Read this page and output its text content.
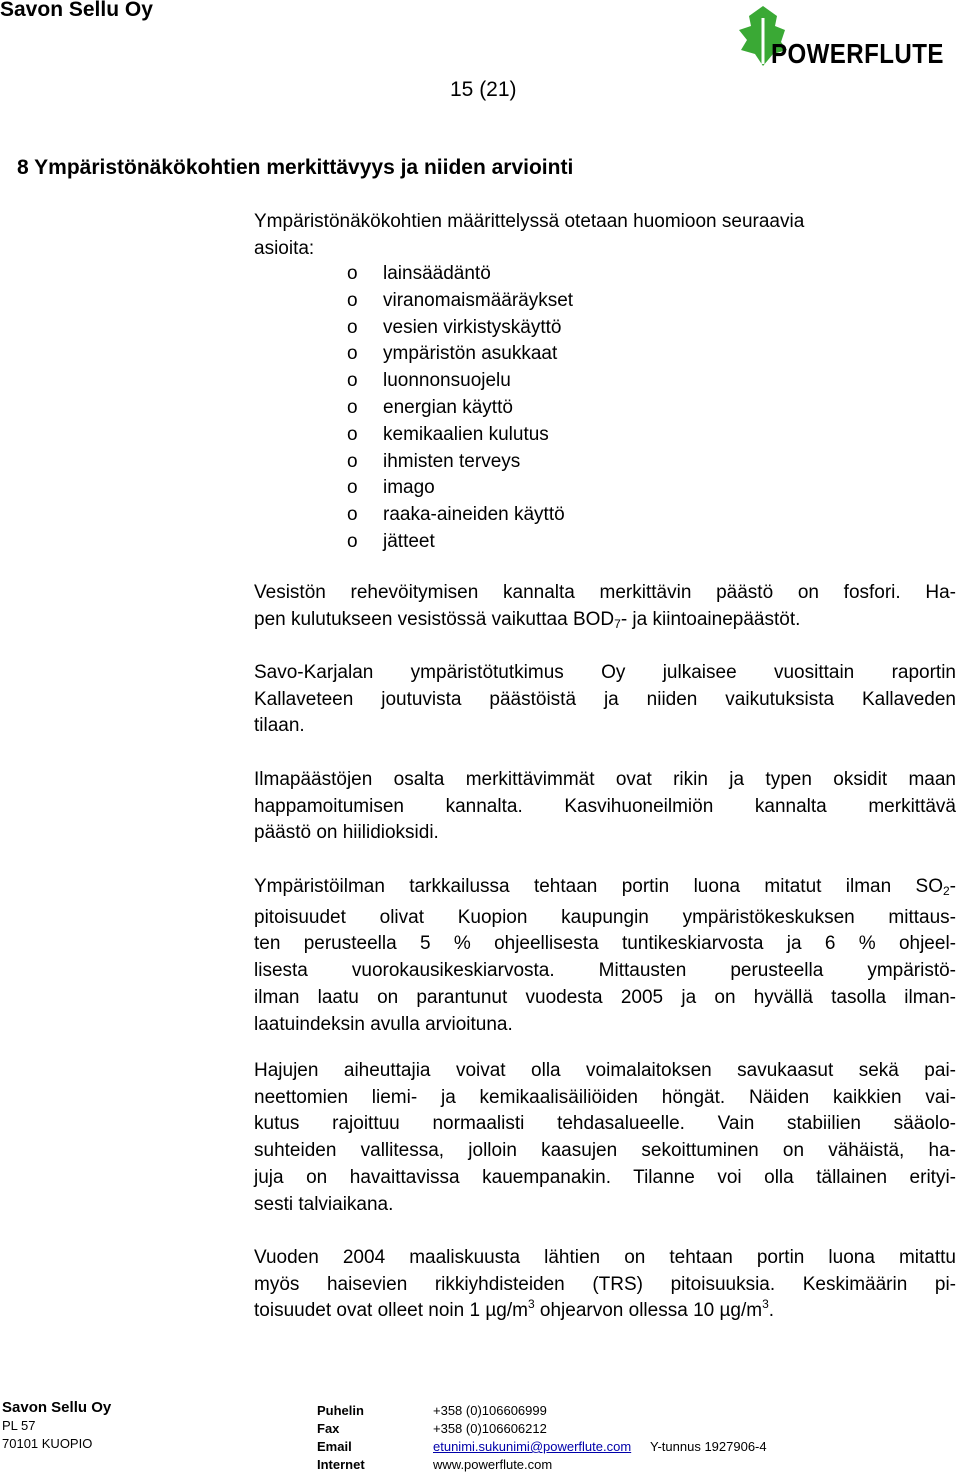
Savon Sellu Oy
POWERFLUTE
15 (21)
8 Ympäristönäkökohtien merkittävyys ja niiden arviointi
Ympäristönäkökohtien määrittelyssä otetaan huomioon seuraavia
asioita:
o lainsäädäntö
o viranomaismääräykset
o vesien virkistyskäyttö
o ympäristön asukkaat
o luonnonsuojelu
o energian käyttö
o kemikaalien kulutus
o ihmisten terveys
o imago
o raaka-aineiden käyttö
o jätteet
Vesistön rehevöitymisen kannalta merkittävin päästö on fosfori. Ha-
pen kulutukseen vesistössä vaikuttaa $BOD_7-$ ja kiintoainepäästöt.
Savo-Karjalan ympäristötutkimus Oy julkaisee vuosittain raportin
Kallaveteen joutuvista päästöistä ja niiden vaikutuksista Kallaveden
tilaan.
Ilmapäästöjen osalta merkittävimmät ovat rikin ja typen oksidit maan
happamoitumisen kannalta. Kasvihuoneilmiön kannalta merkittävä
päästö on hiilidioksidi.
Ympäristöilman tarkkailussa tehtaan portin luona mitatut ilman $SO_2-$
pitoisuudet olivat Kuopion kaupungin ympäristökeskuksen mittaus-
ten perusteella 5 % ohjeellisesta tuntikeskiarvosta ja 6 % ohjeel-
lisesta vuorokausikeskiarvosta. Mittausten perusteella ympäristö-
ilman laatu on parantunut vuodesta 2005 ja on hyvällä tasolla ilman-
laatuindeksin avulla arvioituna.
Hajujen aiheuttajia voivat olla voimalaitoksen savukaasut sekä pai-
neettomien liemi- ja kemikaalisäiliöiden höngät. Näiden kaikkien vai-
kutus rajoittuu normaalisti tehdasalueelle. Vain stabiilien sääolo-
suhteiden vallitessa, jolloin kaasujen sekoittuminen on vähäistä, ha-
juja on havaittavissa kauempanakin. Tilanne voi olla tällainen erityi-
sesti talviaikana.
Vuoden 2004 maaliskuusta lähtien on tehtaan portin luona mitattu
myös haisevien rikkiyhdisteiden (TRS) pitoisuuksia. Keskimäärin pi-
toisuudet ovat olleet noin 1 $\mu g/m^3$ ohjearvon ollessa 10 $\mu g/m^3$.
Savon Sellu Oy
PL 57
70101 KUOPIO
Puhelin
Fax
Email
Internet
+358 (0)106606999
+358 (0)106606212
etunimi.sukunimi@powerflute.com
www.powerflute.com
Y-tunnus 1927906-4
